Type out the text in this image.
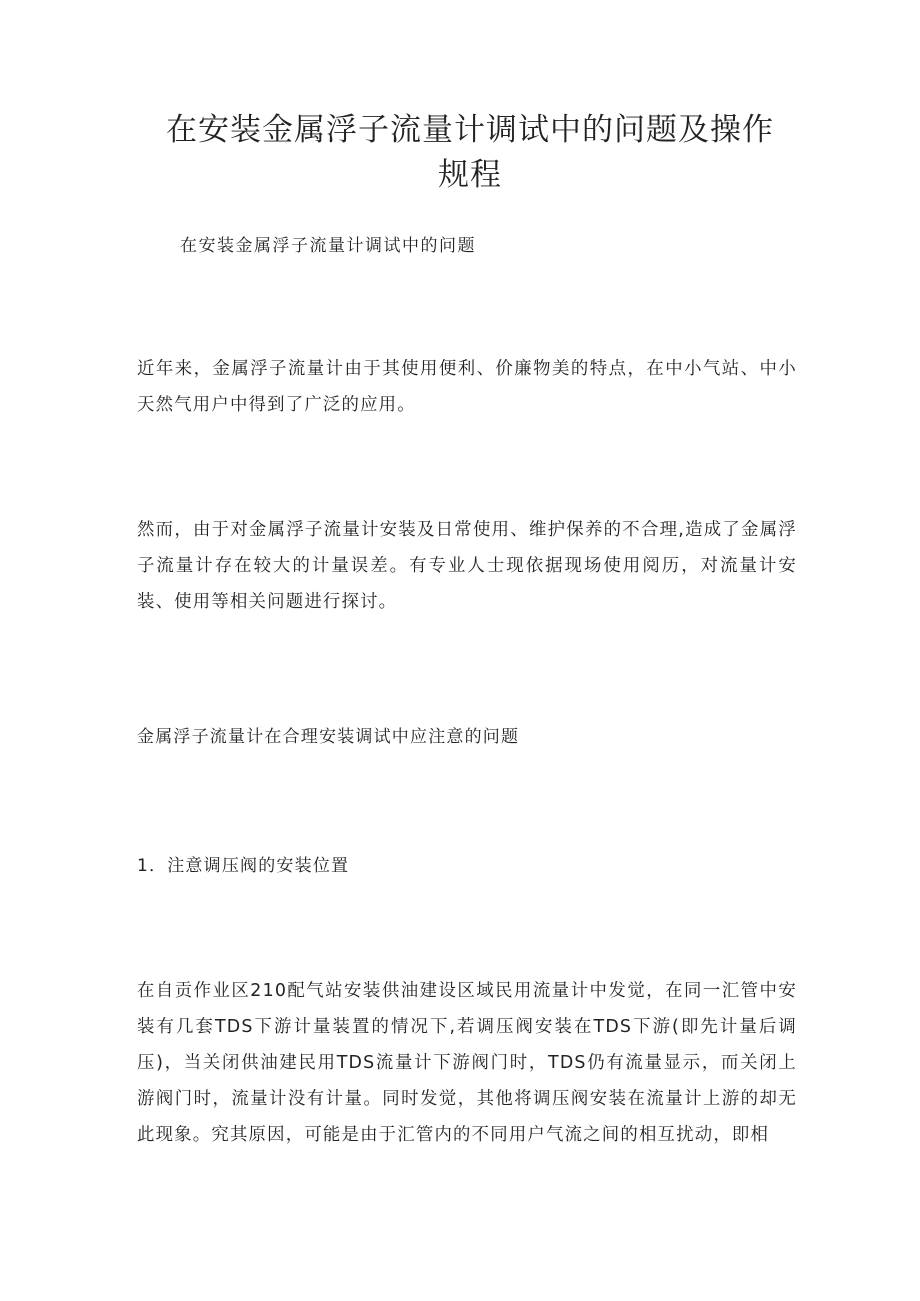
在安装金属浮子流量计调试中的问题及操作
规程
在安装金属浮子流量计调试中的问题

近年来，金属浮子流量计由于其使用便利、价廉物美的特点，在中小气站、中小天然气用户中得到了广泛的应用。

然而，由于对金属浮子流量计安装及日常使用、维护保养的不合理,造成了金属浮子流量计存在较大的计量误差。有专业人士现依据现场使用阅历，对流量计安装、使用等相关问题进行探讨。

金属浮子流量计在合理安装调试中应注意的问题
1．注意调压阀的安装位置

在自贡作业区210配气站安装供油建设区域民用流量计中发觉，在同一汇管中安装有几套TDS下游计量装置的情况下,若调压阀安装在TDS下游(即先计量后调压)，当关闭供油建民用TDS流量计下游阀门时，TDS仍有流量显示，而关闭上游阀门时，流量计没有计量。同时发觉，其他将调压阀安装在流量计上游的却无此现象。究其原因，可能是由于汇管内的不同用户气流之间的相互扰动，即相
